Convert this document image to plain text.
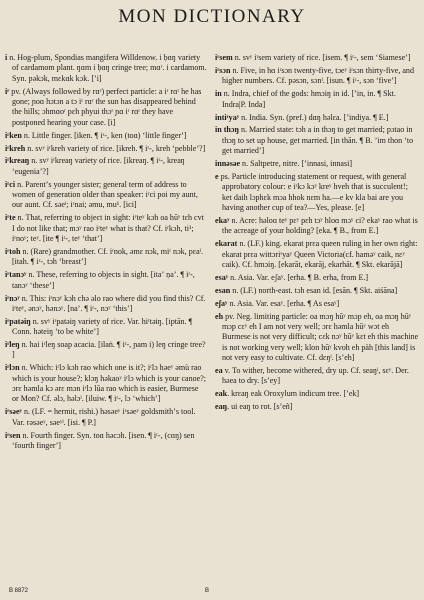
MON DICTIONARY

i n. Hog-plum, Spondias mangifera Willdenow. i ḅɑŋ variety of cardamom plant. ŋɑm i ḅɑŋ cringe tree; mɑʳ. i cardamom. Syn. pəkɔk, mɛkɑk kɔk. [ʼi]

iʳ pv. (Always followed by rɑʳ) perfect particle: a iʳ rɑʳ he has gone; ɲoɑ hɔtɔn a tɔ iʳ rɑʳ the sun has disappeared behind the hills; ɔhmɑoʳ pɛh phyui thɔʳ ɲɑ iʳ rɑʳ they have postponed hearing your case. [i]

iʳken n. Little finger. [iken. ¶ iʳ-, ken (toɑ) ʻlittle fingerʼ]

iʳkreh n. svʸ iʳkreh variety of rice. [ikreh. ¶ iʳ-, kreh ʻpebbleʼ?]

iʳkreaŋ n. svʸ iʳkreaŋ variety of rice. [ikreaŋ. ¶ iʳ-, kreaŋ ʻeugeniaʼ?]

iʳci n. Parentʼs younger sister; general term of address to women of generation older than speaker: iʳci poi my aunt, our aunt. Cf. səeˡ; iʳnai; əmu, mu¹. [ici]

iʳte n. That, referring to object in sight: iʳteʸ kɔh oa hūʸ tɛh cvt I do not like that; mɔʸ rao iʳteʸ what is that? Cf. iʳkɔh, ti¹; iʳnoʸ; teʸ. [ite ¶ iʳ-, teʸ ʻthatʼ]

iʳtoh n. (Rare) grandmother. Cf. iʳnok, əmɛ nɔk, miʳ nɔk, pɛaˡ. [itah. ¶ iʳ-, tɔh ʻbreastʼ]

iʳtanɔʸ n. These, referring to objects in sight. [itaʼ ṇaʼ. ¶ iʳ-, tanɔʸ ʻtheseʼ]

iʳnɔʸ n. This: iʳnɔʸ kɔh chə əlo rao where did you find this? Cf. iʳteʸ, ənɔʸ, hənɔʸ. [naʼ. ¶ iʳ-, nɔʸ ʻthisʼ]

iʳpatəiŋ n. svʸ iʳpatəiŋ variety of rice. Var. hiʳtəiŋ. [iptān. ¶ Conn. həteiŋ ʻto be whiteʼ]

iʳleŋ n. hai iʳleŋ soap acacia. [ilaṅ. ¶ iʳ-, ɲam i) leŋ cringe tree? ]

iʳlɔn n. Which: iʳlɔ kɔh rao which one is it?; iʳlɔ həeʸ əmù rao which is your house?; klɔŋ həkaoʸ iʳlɔ which is your canoe?; ɔrɛ həmla kɔ ərɛ mɔn iʳlɔ lūa rao which is easier, Burmese or Mon? Cf. əlɔ, həlɔˡ. [iluiw. ¶ iʳ-, lɔ ʻwhichʼ]

iʳsəeʸ n. (LF. = hermit, rishi.) həsəeʸ iʳsəeʸ goldsmithʼs tool. Var. rəsəeʸ, səeʸˡ. [isi. ¶ P.]

iʳsen n. Fourth finger. Syn. toɑ həcɔh. [isen. ¶ iʳ-, (cɑŋ) sen ʻfourth fingerʼ]

iʳsem n. svʸ iʳsem variety of rice. [isem. ¶ iʳ-, sem ʻSiameseʼ]

iʳsɔn n. Five, in hɑ iʳsɔn twenty-five, tɔeʸ iʳsɔn thirty-five, and higher numbers. Cf. pəsɔn, sɔnˡ. [isun. ¶ iʳ-, sɔn ʻfiveʼ]

in n. Indra, chief of the gods: hmɔiŋ in id. [ʼin, in. ¶ Skt. Indra|P. Inda]

intiʳyaʸ n. India. Syn. (pref.) dɑŋ həlɛa. [ʼindiya. ¶ E.]

in thɔŋ n. Married state: tɔh a in thɔŋ to get married; pɔtao in thɔŋ to set up house, get married. [in thān. ¶ B. ʼim thon ʻto get marriedʼ]

innəsəe n. Saltpetre, nitre. [ʼinnasi, innasi]

e ps. Particle introducing statement or request, with general approbatory colour: e iʳkɔ kɔʸ kreʸ hveh that is succulent!; ket daih lɔphɛk mɔa hhok nɛm ha.—e kv kla bai are you having another cup of tea?—Yes, please. [e]

ekaʸ n. Acre: həloɑ teʸ pɛʸ pɛh tɔʸ hloɑ mɔʸ ci? ekaʸ rao what is the acreage of your holding? [eka. ¶ B., from E.]

ekarat n. (LF.) king. ekarat prɛa queen ruling in her own right: ekarat prɛa wittɔriʳyaʸ Queen Victoria(cf. haməʸ caik, nɛʸ caik). Cf. hmɔiŋ. [ekarāt, ekarāj, ekarhāt. ¶ Skt. ekarājā]

esaʸ n. Asia. Var. eʃaʸ. [erha. ¶ B. erha, from E.]

esan n. (LF.) north-east. tɔh esan id. [esān. ¶ Skt. aiśāna]

eʃaʸ n. Asia. Var. esaʸ. [erha. ¶ As esaʸ]

eh pv. Neg. limiting particle: oa mɔŋ hūʸ mɔp eh, oa mɔŋ hūʸ mɔp cɛʸ eh I am not very well; ɔrɛ həmla hūʸ wɔt eh Burmese is not very difficult; cɛk nɔʸ hūʸ kɛt eh this machine is not working very well; klon hūʸ kvoh eh pàh [this land] is not very easy to cultivate. Cf. dɛŋˡ. [sʼeh]

ea v. To wither, become withered, dry up. Cf. seaŋˡ, sɛʸ. Der. həea to dry. [sʼey]

eak. krɛaŋ eak Oroxylum indicum tree. [ʼek]

eaŋ. ui eaŋ to rot. [sʼeñ]

B 8872	B
